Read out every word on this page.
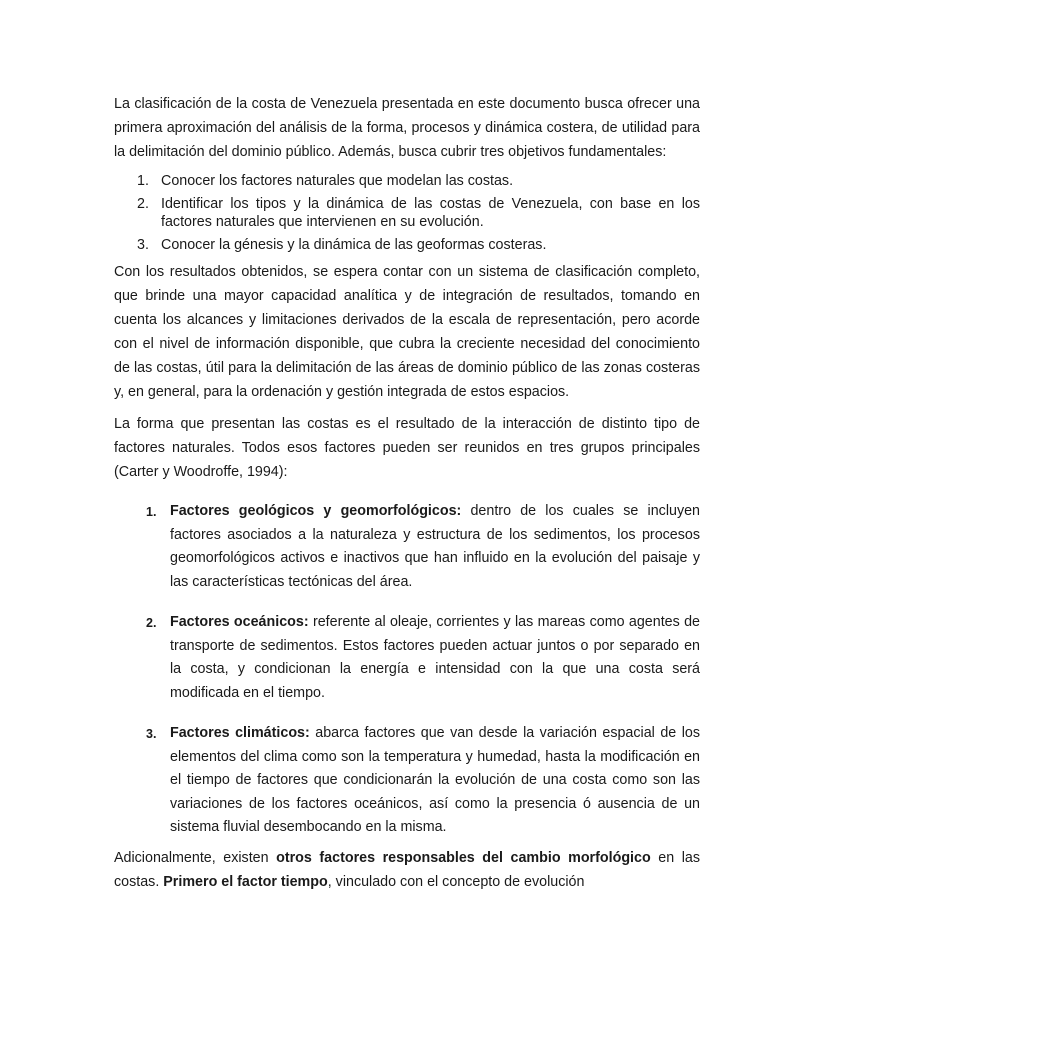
La clasificación de la costa de Venezuela presentada en este documento busca ofrecer una primera aproximación del análisis de la forma, procesos y dinámica costera, de utilidad para la delimitación del dominio público. Además, busca cubrir tres objetivos fundamentales:

1. Conocer los factores naturales que modelan las costas.
2. Identificar los tipos y la dinámica de las costas de Venezuela, con base en los factores naturales que intervienen en su evolución.
3. Conocer la génesis y la dinámica de las geoformas costeras.

Con los resultados obtenidos, se espera contar con un sistema de clasificación completo, que brinde una mayor capacidad analítica y de integración de resultados, tomando en cuenta los alcances y limitaciones derivados de la escala de representación, pero acorde con el nivel de información disponible, que cubra la creciente necesidad del conocimiento de las costas, útil para la delimitación de las áreas de dominio público de las zonas costeras y, en general, para la ordenación y gestión integrada de estos espacios.

La forma que presentan las costas es el resultado de la interacción de distinto tipo de factores naturales. Todos esos factores pueden ser reunidos en tres grupos principales (Carter y Woodroffe, 1994):

1. Factores geológicos y geomorfológicos: dentro de los cuales se incluyen factores asociados a la naturaleza y estructura de los sedimentos, los procesos geomorfológicos activos e inactivos que han influido en la evolución del paisaje y las características tectónicas del área.
2. Factores oceánicos: referente al oleaje, corrientes y las mareas como agentes de transporte de sedimentos. Estos factores pueden actuar juntos o por separado en la costa, y condicionan la energía e intensidad con la que una costa será modificada en el tiempo.
3. Factores climáticos: abarca factores que van desde la variación espacial de los elementos del clima como son la temperatura y humedad, hasta la modificación en el tiempo de factores que condicionarán la evolución de una costa como son las variaciones de los factores oceánicos, así como la presencia ó ausencia de un sistema fluvial desembocando en la misma.

Adicionalmente, existen otros factores responsables del cambio morfológico en las costas. Primero el factor tiempo, vinculado con el concepto de evolución
